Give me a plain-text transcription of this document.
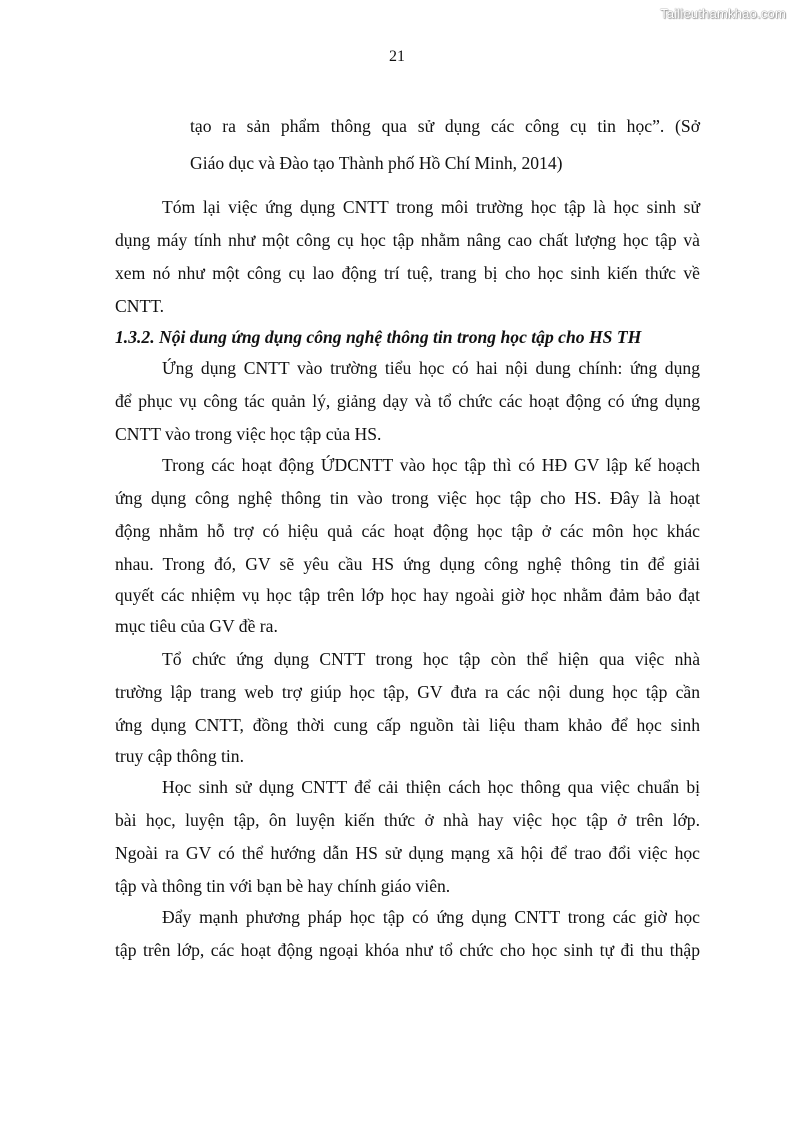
Tailieuthamkhao.com
21
tạo ra sản phẩm thông qua sử dụng các công cụ tin học”. (Sở
Giáo dục và Đào tạo Thành phố Hồ Chí Minh, 2014)
Tóm lại việc ứng dụng CNTT trong môi trường học tập là học sinh sử
dụng máy tính như một công cụ học tập nhằm nâng cao chất lượng học tập và
xem nó như một công cụ lao động trí tuệ, trang bị cho học sinh kiến thức về
CNTT.
1.3.2. Nội dung ứng dụng công nghệ thông tin trong học tập cho HS TH
Ứng dụng CNTT vào trường tiểu học có hai nội dung chính: ứng dụng
để phục vụ công tác quản lý, giảng dạy và tổ chức các hoạt động có ứng dụng
CNTT vào trong việc học tập của HS.
Trong các hoạt động ỨDCNTT vào học tập thì có HĐ GV lập kế hoạch
ứng dụng công nghệ thông tin vào trong việc học tập cho HS. Đây là hoạt
động nhằm hỗ trợ có hiệu quả các hoạt động học tập ở các môn học khác
nhau. Trong đó, GV sẽ yêu cầu HS ứng dụng công nghệ thông tin để giải
quyết các nhiệm vụ học tập trên lớp học hay ngoài giờ học nhằm đảm bảo đạt
mục tiêu của GV đề ra.
Tổ chức ứng dụng CNTT trong học tập còn thể hiện qua việc nhà
trường lập trang web trợ giúp học tập, GV đưa ra các nội dung học tập cần
ứng dụng CNTT, đồng thời cung cấp nguồn tài liệu tham khảo để học sinh
truy cập thông tin.
Học sinh sử dụng CNTT để cải thiện cách học thông qua việc chuẩn bị
bài học, luyện tập, ôn luyện kiến thức ở nhà hay việc học tập ở trên lớp.
Ngoài ra GV có thể hướng dẫn HS sử dụng mạng xã hội để trao đổi việc học
tập và thông tin với bạn bè hay chính giáo viên.
Đẩy mạnh phương pháp học tập có ứng dụng CNTT trong các giờ học
tập trên lớp, các hoạt động ngoại khóa như tổ chức cho học sinh tự đi thu thập
